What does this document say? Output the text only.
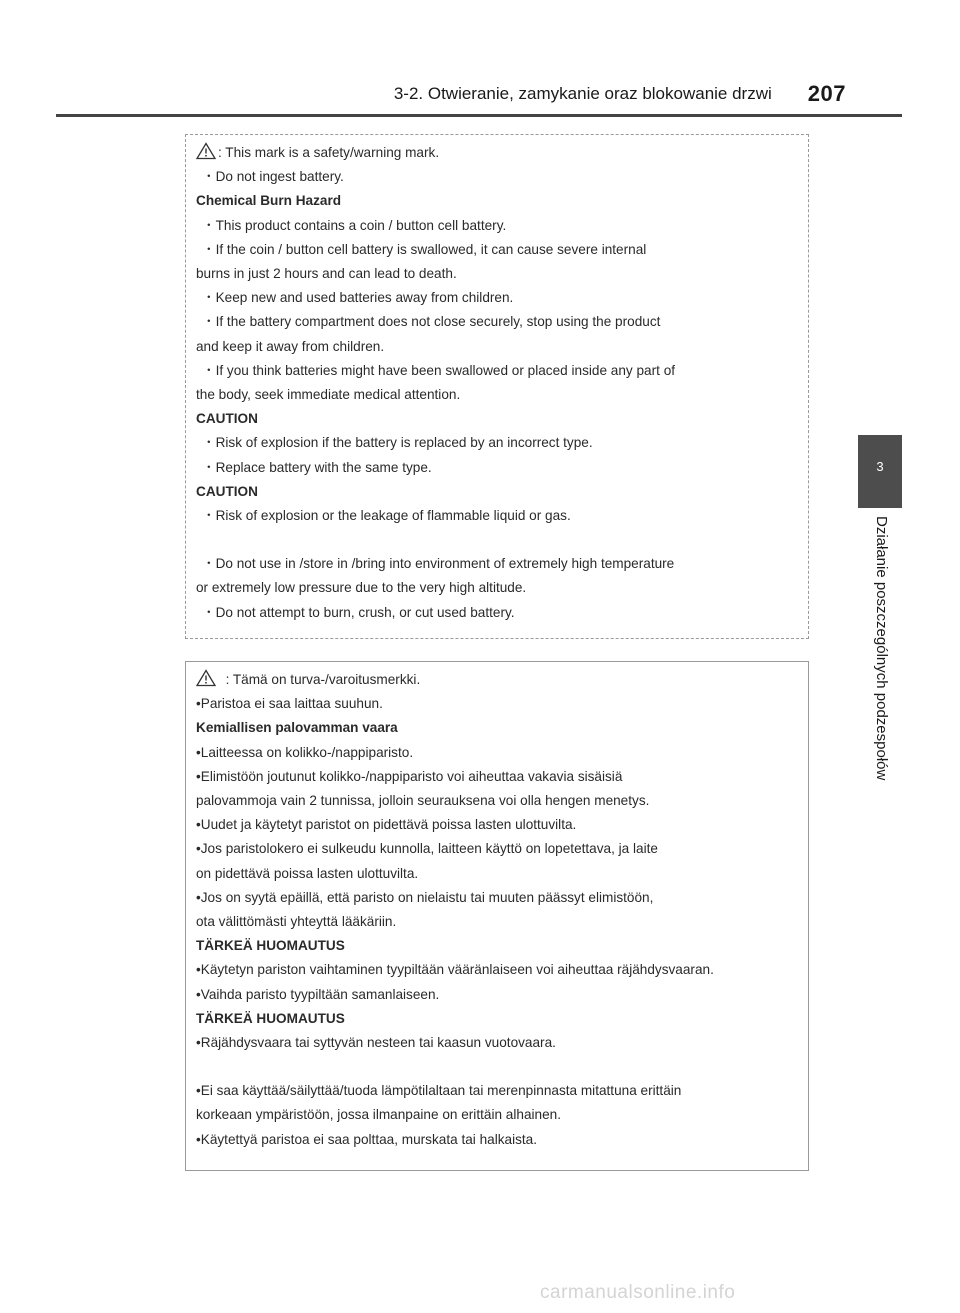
3-2. Otwieranie, zamykanie oraz blokowanie drzwi 207
3
Działanie poszczególnych podzespołów
: This mark is a safety/warning mark.
・Do not ingest battery.
Chemical Burn Hazard
・This product contains a coin / button cell battery.
・If the coin / button cell battery is swallowed, it can cause severe internal
burns in just 2 hours and can lead to death.
・Keep new and used batteries away from children.
・If the battery compartment does not close securely, stop using the product
and keep it away from children.
・If you think batteries might have been swallowed or placed inside any part of
the body, seek immediate medical attention.
CAUTION
・Risk of explosion if the battery is replaced by an incorrect type.
・Replace battery with the same type.
CAUTION
・Risk of explosion or the leakage of flammable liquid or gas.
・Do not use in /store in /bring into environment of extremely high temperature
or extremely low pressure due to the very high altitude.
・Do not attempt to burn, crush, or cut used battery.
: Tämä on turva-/varoitusmerkki.
•Paristoa ei saa laittaa suuhun.
Kemiallisen palovamman vaara
•Laitteessa on kolikko-/nappiparisto.
•Elimistöön joutunut kolikko-/nappiparisto voi aiheuttaa vakavia sisäisiä
palovammoja vain 2 tunnissa, jolloin seurauksena voi olla hengen menetys.
•Uudet ja käytetyt paristot on pidettävä poissa lasten ulottuvilta.
•Jos paristolokero ei sulkeudu kunnolla, laitteen käyttö on lopetettava, ja laite
on pidettävä poissa lasten ulottuvilta.
•Jos on syytä epäillä, että paristo on nielaistu tai muuten päässyt elimistöön,
ota välittömästi yhteyttä lääkäriin.
TÄRKEÄ HUOMAUTUS
•Käytetyn pariston vaihtaminen tyypiltään vääränlaiseen voi aiheuttaa räjähdysvaaran.
•Vaihda paristo tyypiltään samanlaiseen.
TÄRKEÄ HUOMAUTUS
•Räjähdysvaara tai syttyvän nesteen tai kaasun vuotovaara.
•Ei saa käyttää/säilyttää/tuoda lämpötilaltaan tai merenpinnasta mitattuna erittäin
korkeaan ympäristöön, jossa ilmanpaine on erittäin alhainen.
•Käytettyä paristoa ei saa polttaa, murskata tai halkaista.
carmanualsonline.info
